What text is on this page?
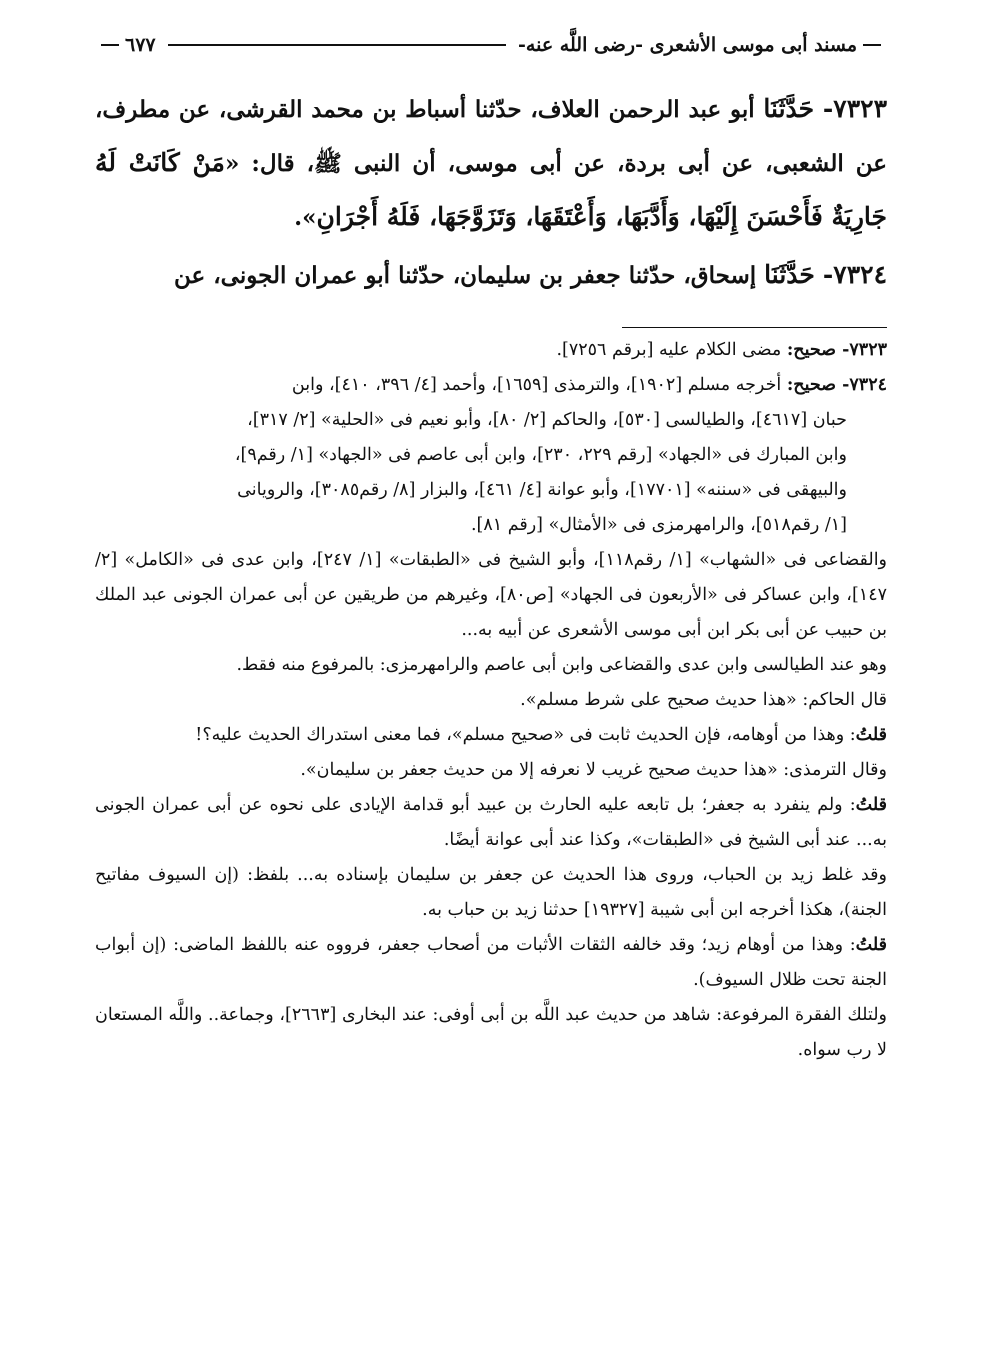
مسند أبى موسى الأشعرى -رضى اللَّه عنه-
٦٧٧

٧٣٢٣- حَدَّثَنَا أبو عبد الرحمن العلاف، حدّثنا أسباط بن محمد القرشى، عن مطرف، عن الشعبى، عن أبى بردة، عن أبى موسى، أن النبى ﷺ، قال: «مَنْ كَانَتْ لَهُ جَارِيَةٌ فَأَحْسَنَ إِلَيْهَا، وَأَدَّبَهَا، وَأَعْتَقَهَا، وَتَزَوَّجَهَا، فَلَهُ أَجْرَانِ».

٧٣٢٤- حَدَّثَنَا إسحاق، حدّثنا جعفر بن سليمان، حدّثنا أبو عمران الجونى، عن

٧٣٢٣- صحيح: مضى الكلام عليه [برقم ٧٢٥٦].

٧٣٢٤- صحيح: أخرجه مسلم [١٩٠٢]، والترمذى [١٦٥٩]، وأحمد [٤/ ٣٩٦، ٤١٠]، وابن

حبان [٤٦١٧]، والطيالسى [٥٣٠]، والحاكم [٢/ ٨٠]، وأبو نعيم فى «الحلية» [٢/ ٣١٧]،

وابن المبارك فى «الجهاد» [رقم ٢٢٩، ٢٣٠]، وابن أبى عاصم فى «الجهاد» [١/ رقم٩]،

والبيهقى فى «سننه» [١٧٧٠١]، وأبو عوانة [٤/ ٤٦١]، والبزار [٨/ رقم٣٠٨٥]، والرويانى

[١/ رقم٥١٨]، والرامهرمزى فى «الأمثال» [رقم ٨١].

والقضاعى فى «الشهاب» [١/ رقم١١٨]، وأبو الشيخ فى «الطبقات» [١/ ٢٤٧]، وابن عدى فى «الكامل» [٢/ ١٤٧]، وابن عساكر فى «الأربعون فى الجهاد» [ص٨٠]، وغيرهم من طريقين عن أبى عمران الجونى عبد الملك بن حبيب عن أبى بكر ابن أبى موسى الأشعرى عن أبيه به...

وهو عند الطيالسى وابن عدى والقضاعى وابن أبى عاصم والرامهرمزى: بالمرفوع منه فقط.

قال الحاكم: «هذا حديث صحيح على شرط مسلم».

قلتُ: وهذا من أوهامه، فإن الحديث ثابت فى «صحيح مسلم»، فما معنى استدراك الحديث عليه؟!

وقال الترمذى: «هذا حديث صحيح غريب لا نعرفه إلا من حديث جعفر بن سليمان».

قلتُ: ولم ينفرد به جعفر؛ بل تابعه عليه الحارث بن عبيد أبو قدامة الإيادى على نحوه عن أبى عمران الجونى به... عند أبى الشيخ فى «الطبقات»، وكذا عند أبى عوانة أيضًا.

وقد غلط زيد بن الحباب، وروى هذا الحديث عن جعفر بن سليمان بإسناده به... بلفظ: (إن السيوف مفاتيح الجنة)، هكذا أخرجه ابن أبى شيبة [١٩٣٢٧] حدثنا زيد بن حباب به.

قلتُ: وهذا من أوهام زيد؛ وقد خالفه الثقات الأثبات من أصحاب جعفر، فرووه عنه باللفظ الماضى: (إن أبواب الجنة تحت ظلال السيوف).

ولتلك الفقرة المرفوعة: شاهد من حديث عبد اللَّه بن أبى أوفى: عند البخارى [٢٦٦٣]، وجماعة.. واللَّه المستعان لا رب سواه.
